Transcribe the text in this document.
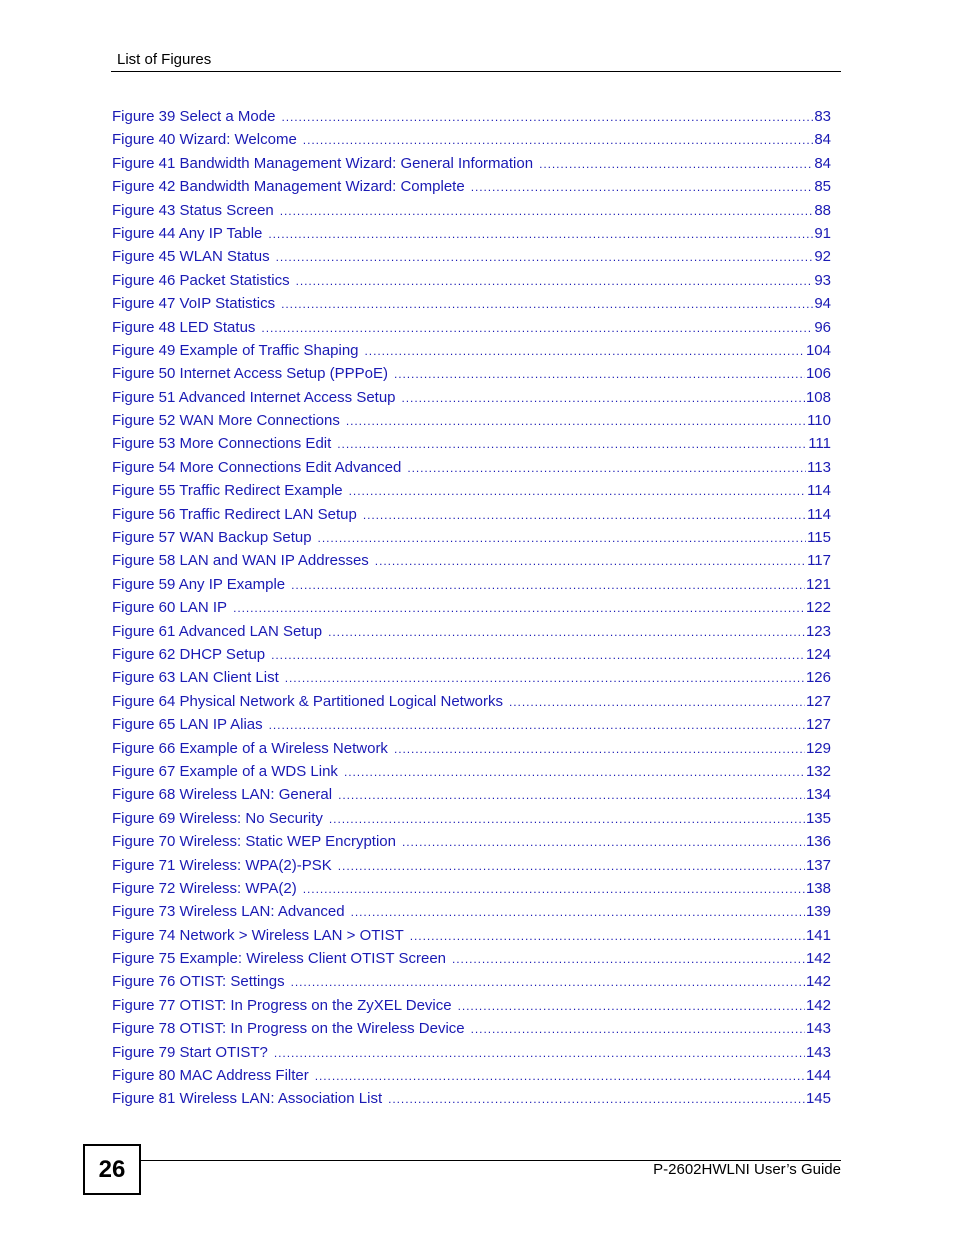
List of Figures
Figure 39 Select a Mode . . .	83
Figure 40 Wizard: Welcome . . .	84
Figure 41 Bandwidth Management Wizard: General Information . . .	84
Figure 42 Bandwidth Management Wizard: Complete . . .	85
Figure 43 Status Screen . . .	88
Figure 44 Any IP Table . . .	91
Figure 45 WLAN Status . . .	92
Figure 46 Packet Statistics . . .	93
Figure 47 VoIP Statistics . . .	94
Figure 48 LED Status . . .	96
Figure 49 Example of Traffic Shaping . . .	104
Figure 50 Internet Access Setup (PPPoE) . . .	106
Figure 51 Advanced Internet Access Setup . . .	108
Figure 52 WAN More Connections . . .	110
Figure 53 More Connections Edit . . .	111
Figure 54 More Connections Edit Advanced . . .	113
Figure 55 Traffic Redirect Example . . .	114
Figure 56 Traffic Redirect LAN Setup . . .	114
Figure 57 WAN Backup Setup . . .	115
Figure 58 LAN and WAN IP Addresses . . .	117
Figure 59 Any IP Example . . .	121
Figure 60 LAN IP . . .	122
Figure 61 Advanced LAN Setup . . .	123
Figure 62 DHCP Setup . . .	124
Figure 63 LAN Client List . . .	126
Figure 64 Physical Network & Partitioned Logical Networks . . .	127
Figure 65 LAN IP Alias . . .	127
Figure 66 Example of a Wireless Network . . .	129
Figure 67 Example of a WDS Link . . .	132
Figure 68 Wireless LAN: General . . .	134
Figure 69 Wireless: No Security . . .	135
Figure 70 Wireless: Static WEP Encryption . . .	136
Figure 71 Wireless: WPA(2)-PSK . . .	137
Figure 72 Wireless: WPA(2) . . .	138
Figure 73 Wireless LAN: Advanced . . .	139
Figure 74 Network > Wireless LAN > OTIST . . .	141
Figure 75 Example: Wireless Client OTIST Screen . . .	142
Figure 76 OTIST: Settings . . .	142
Figure 77 OTIST: In Progress on the ZyXEL Device . . .	142
Figure 78 OTIST: In Progress on the Wireless Device . . .	143
Figure 79 Start OTIST? . . .	143
Figure 80 MAC Address Filter . . .	144
Figure 81 Wireless LAN: Association List . . .	145
26	P-2602HWLNI User’s Guide
